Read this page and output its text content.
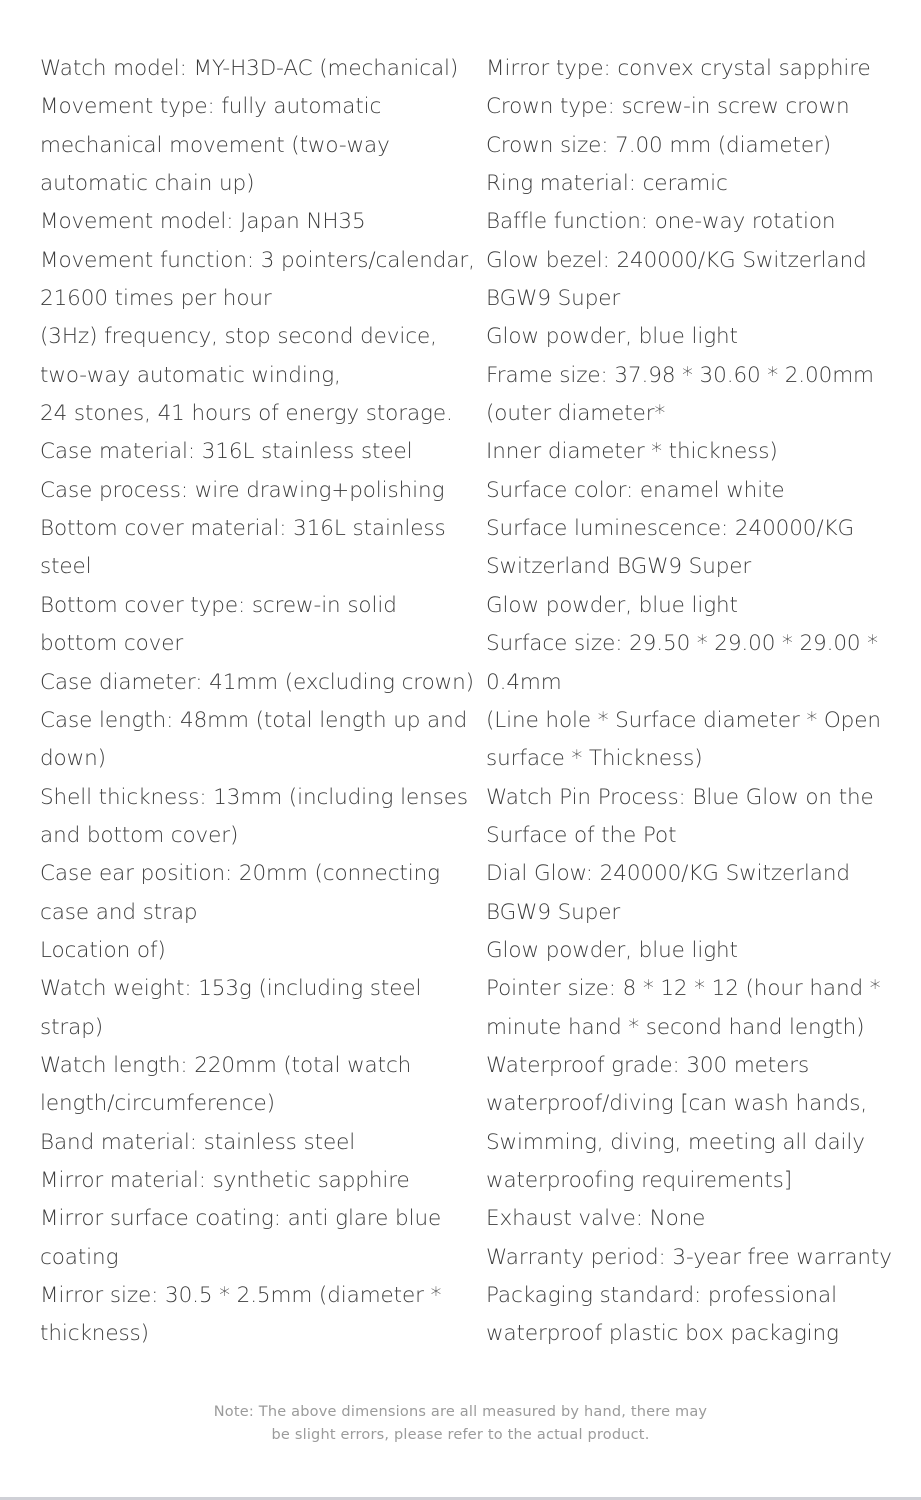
Watch model: MY-H3D-AC (mechanical)
Movement type: fully automatic
mechanical movement (two-way
automatic chain up)
Movement model: Japan NH35
Movement function: 3 pointers/calendar,
21600 times per hour
(3Hz) frequency, stop second device,
two-way automatic winding,
24 stones, 41 hours of energy storage.
Case material: 316L stainless steel
Case process: wire drawing+polishing
Bottom cover material: 316L stainless
steel
Bottom cover type: screw-in solid
bottom cover
Case diameter: 41mm (excluding crown)
Case length: 48mm (total length up and
down)
Shell thickness: 13mm (including lenses
and bottom cover)
Case ear position: 20mm (connecting
case and strap
Location of)
Watch weight: 153g (including steel
strap)
Watch length: 220mm (total watch
length/circumference)
Band material: stainless steel
Mirror material: synthetic sapphire
Mirror surface coating: anti glare blue
coating
Mirror size: 30.5 * 2.5mm (diameter *
thickness)
Mirror type: convex crystal sapphire
Crown type: screw-in screw crown
Crown size: 7.00 mm (diameter)
Ring material: ceramic
Baffle function: one-way rotation
Glow bezel: 240000/KG Switzerland
BGW9 Super
Glow powder, blue light
Frame size: 37.98 * 30.60 * 2.00mm
(outer diameter*
Inner diameter * thickness)
Surface color: enamel white
Surface luminescence: 240000/KG
Switzerland BGW9 Super
Glow powder, blue light
Surface size: 29.50 * 29.00 * 29.00 *
0.4mm
(Line hole * Surface diameter * Open
surface * Thickness)
Watch Pin Process: Blue Glow on the
Surface of the Pot
Dial Glow: 240000/KG Switzerland
BGW9 Super
Glow powder, blue light
Pointer size: 8 * 12 * 12 (hour hand *
minute hand * second hand length)
Waterproof grade: 300 meters
waterproof/diving [can wash hands,
Swimming, diving, meeting all daily
waterproofing requirements]
Exhaust valve: None
Warranty period: 3-year free warranty
Packaging standard: professional
waterproof plastic box packaging
Note: The above dimensions are all measured by hand, there may
be slight errors, please refer to the actual product.
